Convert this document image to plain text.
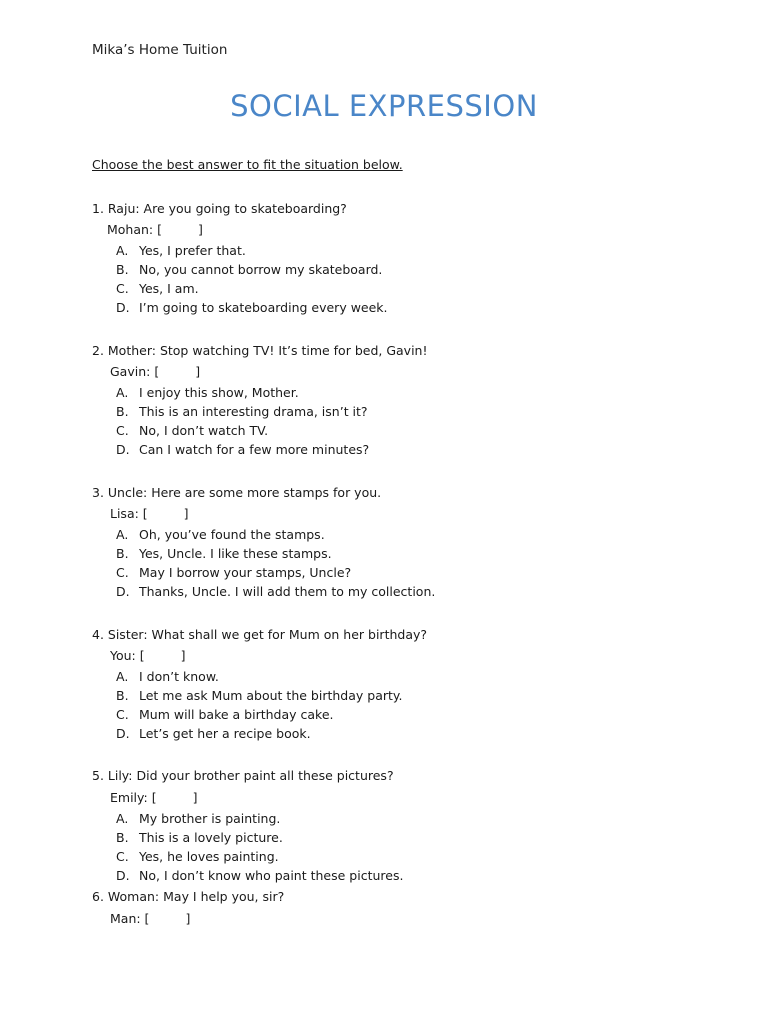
Mika’s Home Tuition
SOCIAL EXPRESSION
Choose the best answer to fit the situation below.
1. Raju: Are you going to skateboarding?
Mohan: [	]
A. Yes, I prefer that.
B. No, you cannot borrow my skateboard.
C. Yes, I am.
D. I’m going to skateboarding every week.
2. Mother: Stop watching TV! It’s time for bed, Gavin!
Gavin: [	]
A. I enjoy this show, Mother.
B. This is an interesting drama, isn’t it?
C. No, I don’t watch TV.
D. Can I watch for a few more minutes?
3. Uncle: Here are some more stamps for you.
Lisa: [	]
A. Oh, you’ve found the stamps.
B. Yes, Uncle. I like these stamps.
C. May I borrow your stamps, Uncle?
D. Thanks, Uncle. I will add them to my collection.
4. Sister: What shall we get for Mum on her birthday?
You: [	]
A. I don’t know.
B. Let me ask Mum about the birthday party.
C. Mum will bake a birthday cake.
D. Let’s get her a recipe book.
5. Lily: Did your brother paint all these pictures?
Emily: [	]
A. My brother is painting.
B. This is a lovely picture.
C. Yes, he loves painting.
D. No, I don’t know who paint these pictures.
6. Woman: May I help you, sir?
Man: [	]
